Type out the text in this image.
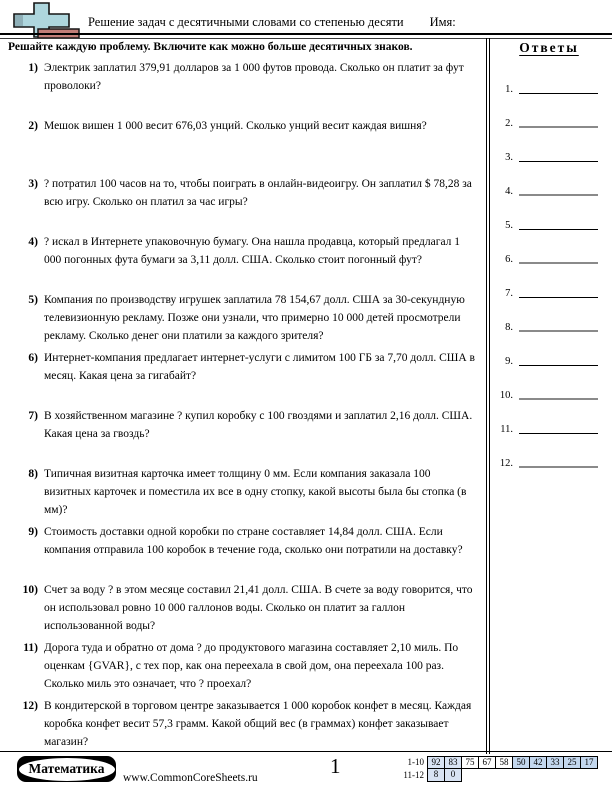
Решение задач с десятичными словами со степенью десяти Имя:
Решайте каждую проблему. Включите как можно больше десятичных знаков.	Ответы
1.
2.
3.
4.
5.
6.
7.
8.
9.
10.
11.
12.
1) Электрик заплатил 379,91 долларов за 1 000 футов провода. Сколько он платит за фут проволоки?
2) Мешок вишен 1 000 весит 676,03 унций. Сколько унций весит каждая вишня?
3) ? потратил 100 часов на то, чтобы поиграть в онлайн-видеоигру. Он заплатил $ 78,28 за всю игру. Сколько он платил за час игры?
4) ? искал в Интернете упаковочную бумагу. Она нашла продавца, который предлагал 1 000 погонных фута бумаги за 3,11 долл. США. Сколько стоит погонный фут?
5) Компания по производству игрушек заплатила 78 154,67 долл. США за 30-секундную телевизионную рекламу. Позже они узнали, что примерно 10 000 детей просмотрели рекламу. Сколько денег они платили за каждого зрителя?
6) Интернет-компания предлагает интернет-услуги с лимитом 100 ГБ за 7,70 долл. США в месяц. Какая цена за гигабайт?
7) В хозяйственном магазине ? купил коробку с 100 гвоздями и заплатил 2,16 долл. США. Какая цена за гвоздь?
8) Типичная визитная карточка имеет толщину 0 мм. Если компания заказала 100 визитных карточек и поместила их все в одну стопку, какой высоты была бы стопка (в мм)?
9) Стоимость доставки одной коробки по стране составляет 14,84 долл. США. Если компания отправила 100 коробок в течение года, сколько они потратили на доставку?
10) Счет за воду ? в этом месяце составил 21,41 долл. США. В счете за воду говорится, что он использовал ровно 10 000 галлонов воды. Сколько он платит за галлон использованной воды?
11) Дорога туда и обратно от дома ? до продуктового магазина составляет 2,10 миль. По оценкам {GVAR}, с тех пор, как она переехала в свой дом, она переехала 100 раз. Сколько миль это означает, что ? проехал?
12) В кондитерской в торговом центре заказывается 1 000 коробок конфет в месяц. Каждая коробка конфет весит 57,3 грамм. Какой общий вес (в граммах) конфет заказывает магазин?
Математика
www.CommonCoreSheets.ru	1	1-10 92 83 75 67 58 50 42 33 25 17
11-12	8	0
